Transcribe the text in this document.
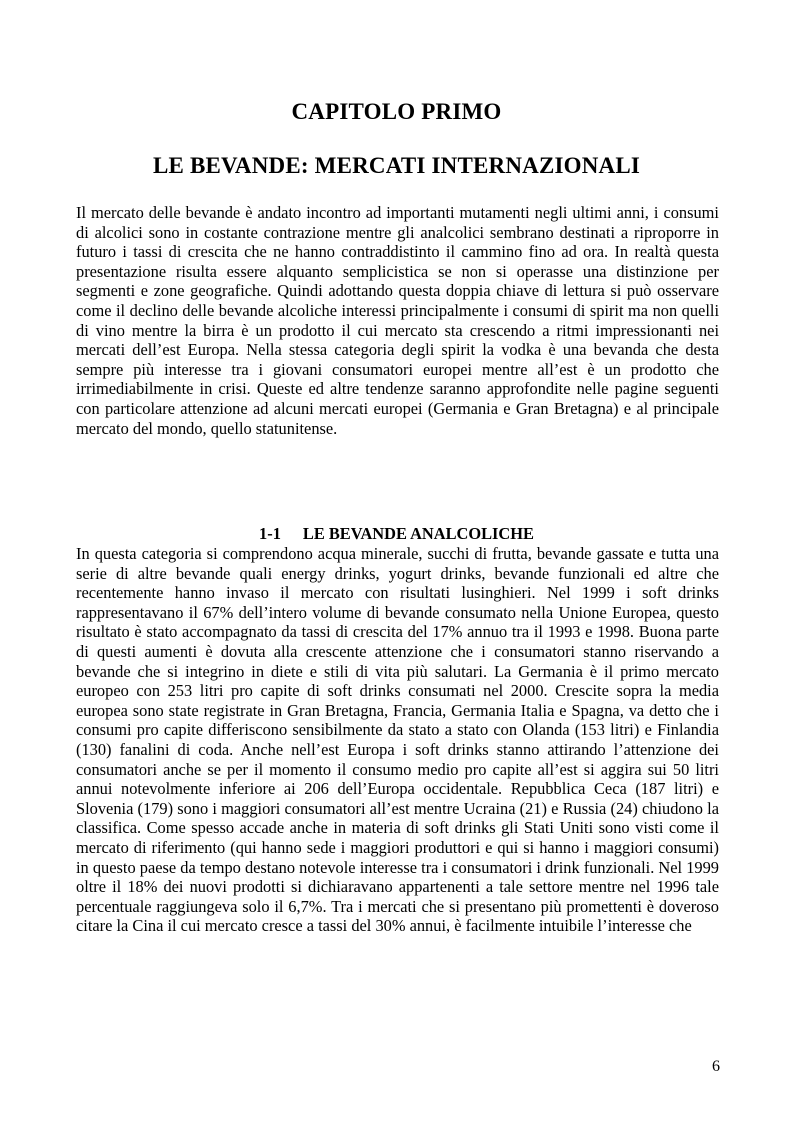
CAPITOLO PRIMO
LE BEVANDE: MERCATI INTERNAZIONALI

Il mercato delle bevande è andato incontro ad importanti mutamenti negli ultimi anni, i consumi di alcolici sono in costante contrazione mentre gli analcolici sembrano destinati a riproporre in futuro i tassi di crescita che ne hanno contraddistinto il cammino fino ad ora. In realtà questa presentazione risulta essere alquanto semplicistica se non si operasse una distinzione per segmenti e zone geografiche. Quindi adottando questa doppia chiave di lettura si può osservare come il declino delle bevande alcoliche interessi principalmente i consumi di spirit ma non quelli di vino mentre la birra è un prodotto il cui mercato sta crescendo a ritmi impressionanti nei mercati dell’est Europa. Nella stessa categoria degli spirit la vodka è una bevanda che desta sempre più interesse tra i giovani consumatori europei mentre all’est è un prodotto che irrimediabilmente in crisi. Queste ed altre tendenze saranno approfondite nelle pagine seguenti con particolare attenzione ad alcuni mercati europei (Germania e Gran Bretagna) e al principale mercato del mondo, quello statunitense.

1-1 LE BEVANDE ANALCOLICHE

In questa categoria si comprendono acqua minerale, succhi di frutta, bevande gassate e tutta una serie di altre bevande quali energy drinks, yogurt drinks, bevande funzionali ed altre che recentemente hanno invaso il mercato con risultati lusinghieri. Nel 1999 i soft drinks rappresentavano il 67% dell’intero volume di bevande consumato nella Unione Europea, questo risultato è stato accompagnato da tassi di crescita del 17% annuo tra il 1993 e 1998. Buona parte di questi aumenti è dovuta alla crescente attenzione che i consumatori stanno riservando a bevande che si integrino in diete e stili di vita più salutari. La Germania è il primo mercato europeo con 253 litri pro capite di soft drinks consumati nel 2000. Crescite sopra la media europea sono state registrate in Gran Bretagna, Francia, Germania Italia e Spagna, va detto che i consumi pro capite differiscono sensibilmente da stato a stato con Olanda (153 litri) e Finlandia (130) fanalini di coda. Anche nell’est Europa i soft drinks stanno attirando l’attenzione dei consumatori anche se per il momento il consumo medio pro capite all’est si aggira sui 50 litri annui notevolmente inferiore ai 206 dell’Europa occidentale. Repubblica Ceca (187 litri) e Slovenia (179) sono i maggiori consumatori all’est mentre Ucraina (21) e Russia (24) chiudono la classifica. Come spesso accade anche in materia di soft drinks gli Stati Uniti sono visti come il mercato di riferimento (qui hanno sede i maggiori produttori e qui si hanno i maggiori consumi) in questo paese da tempo destano notevole interesse tra i consumatori i drink funzionali. Nel 1999 oltre il 18% dei nuovi prodotti si dichiaravano appartenenti a tale settore mentre nel 1996 tale percentuale raggiungeva solo il 6,7%. Tra i mercati che si presentano più promettenti è doveroso citare la Cina il cui mercato cresce a tassi del 30% annui, è facilmente intuibile l’interesse che

6
